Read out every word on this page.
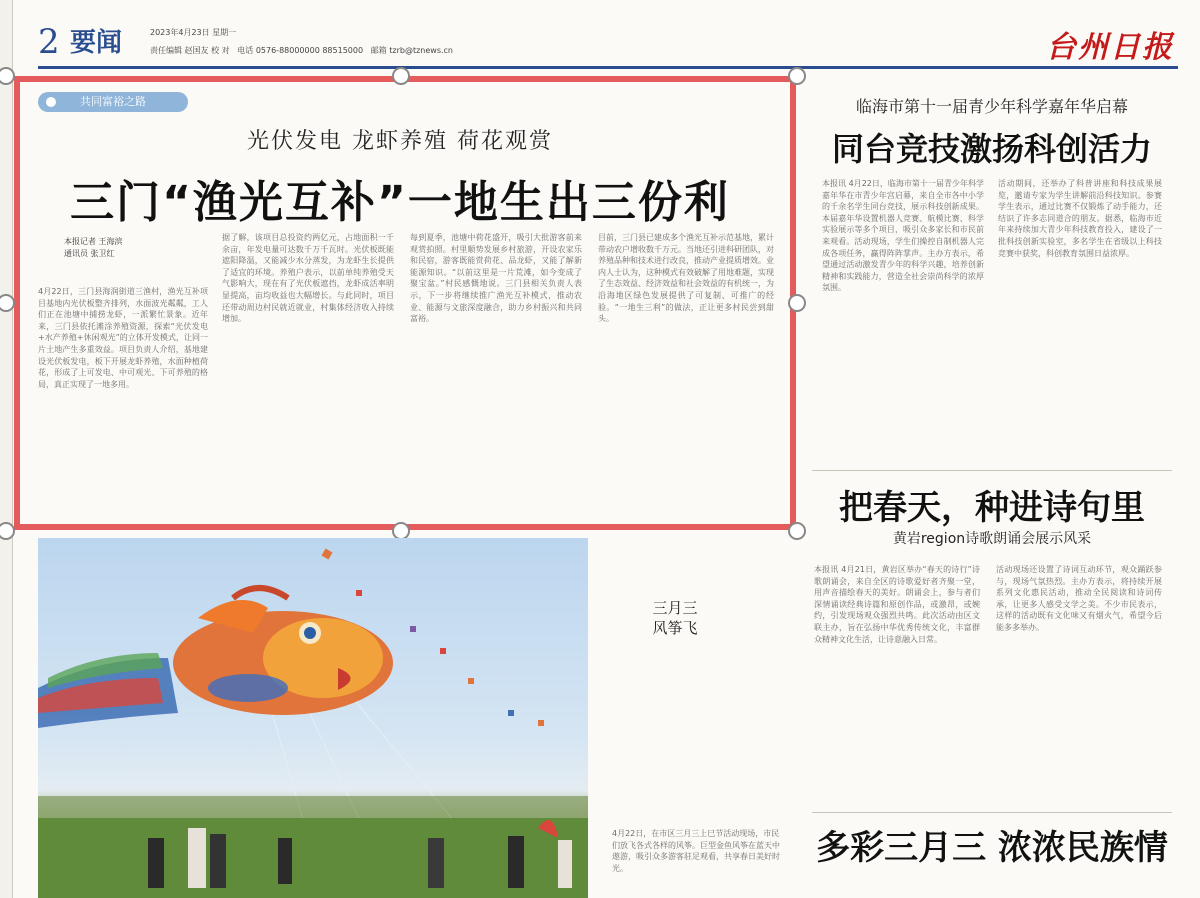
2 要闻	2023年4月23日 星期一
责任编辑 赵国友 校 对 电话 0576-88000000 88515000 邮箱 tzrb@tznews.cn	台州日报
共同富裕之路
光伏发电 龙虾养殖 荷花观赏
三门“渔光互补”一地生出三份利
本报记者 王海滨
通讯员 张卫红
4月22日，三门县海润街道三渔村，渔光互补项目基地内光伏板整齐排列，水面波光粼粼，工人们正在池塘中捕捞龙虾，一派繁忙景象。近年来，三门县依托滩涂养殖资源，探索“光伏发电+水产养殖+休闲观光”的立体开发模式，让同一片土地产生多重效益。项目负责人介绍，基地建设光伏板发电，板下开展龙虾养殖，水面种植荷花，形成了上可发电、中可观光、下可养殖的格局，真正实现了一地多用。
据了解，该项目总投资约两亿元，占地面积一千余亩，年发电量可达数千万千瓦时。光伏板既能遮阳降温，又能减少水分蒸发，为龙虾生长提供了适宜的环境。养殖户表示，以前单纯养殖受天气影响大，现在有了光伏板遮挡，龙虾成活率明显提高，亩均收益也大幅增长。与此同时，项目还带动周边村民就近就业，村集体经济收入持续增加。
每到夏季，池塘中荷花盛开，吸引大批游客前来观赏拍照。村里顺势发展乡村旅游，开设农家乐和民宿，游客既能赏荷花、品龙虾，又能了解新能源知识。“以前这里是一片荒滩，如今变成了聚宝盆。”村民感慨地说。三门县相关负责人表示，下一步将继续推广渔光互补模式，推动农业、能源与文旅深度融合，助力乡村振兴和共同富裕。
目前，三门县已建成多个渔光互补示范基地，累计带动农户增收数千万元。当地还引进科研团队，对养殖品种和技术进行改良，推动产业提质增效。业内人士认为，这种模式有效破解了用地难题，实现了生态效益、经济效益和社会效益的有机统一，为沿海地区绿色发展提供了可复制、可推广的经验。“一地生三利”的做法，正让更多村民尝到甜头。
临海市第十一届青少年科学嘉年华启幕
同台竞技激扬科创活力
本报讯 4月22日，临海市第十一届青少年科学嘉年华在市青少年宫启幕，来自全市各中小学的千余名学生同台竞技，展示科技创新成果。本届嘉年华设置机器人竞赛、航模比赛、科学实验展示等多个项目，吸引众多家长和市民前来观看。活动现场，学生们操控自制机器人完成各项任务，赢得阵阵掌声。主办方表示，希望通过活动激发青少年的科学兴趣，培养创新精神和实践能力，营造全社会崇尚科学的浓厚氛围。
活动期间，还举办了科普讲座和科技成果展览，邀请专家为学生讲解前沿科技知识。参赛学生表示，通过比赛不仅锻炼了动手能力，还结识了许多志同道合的朋友。据悉，临海市近年来持续加大青少年科技教育投入，建设了一批科技创新实验室，多名学生在省级以上科技竞赛中获奖，科创教育氛围日益浓厚。
把春天，种进诗句里
黄岩region诗歌朗诵会展示风采
本报讯 4月21日，黄岩区举办“春天的诗行”诗歌朗诵会，来自全区的诗歌爱好者齐聚一堂，用声音描绘春天的美好。朗诵会上，参与者们深情诵读经典诗篇和原创作品，或激昂，或婉约，引发现场观众强烈共鸣。此次活动由区文联主办，旨在弘扬中华优秀传统文化，丰富群众精神文化生活，让诗意融入日常。
活动现场还设置了诗词互动环节，观众踊跃参与，现场气氛热烈。主办方表示，将持续开展系列文化惠民活动，推动全民阅读和诗词传承，让更多人感受文学之美。不少市民表示，这样的活动既有文化味又有烟火气，希望今后能多多举办。
多彩三月三 浓浓民族情
三月三
风筝飞
4月22日，在市区三月三上巳节活动现场，市民们放飞各式各样的风筝。巨型金鱼风筝在蓝天中遨游，吸引众多游客驻足观看，共享春日美好时光。
